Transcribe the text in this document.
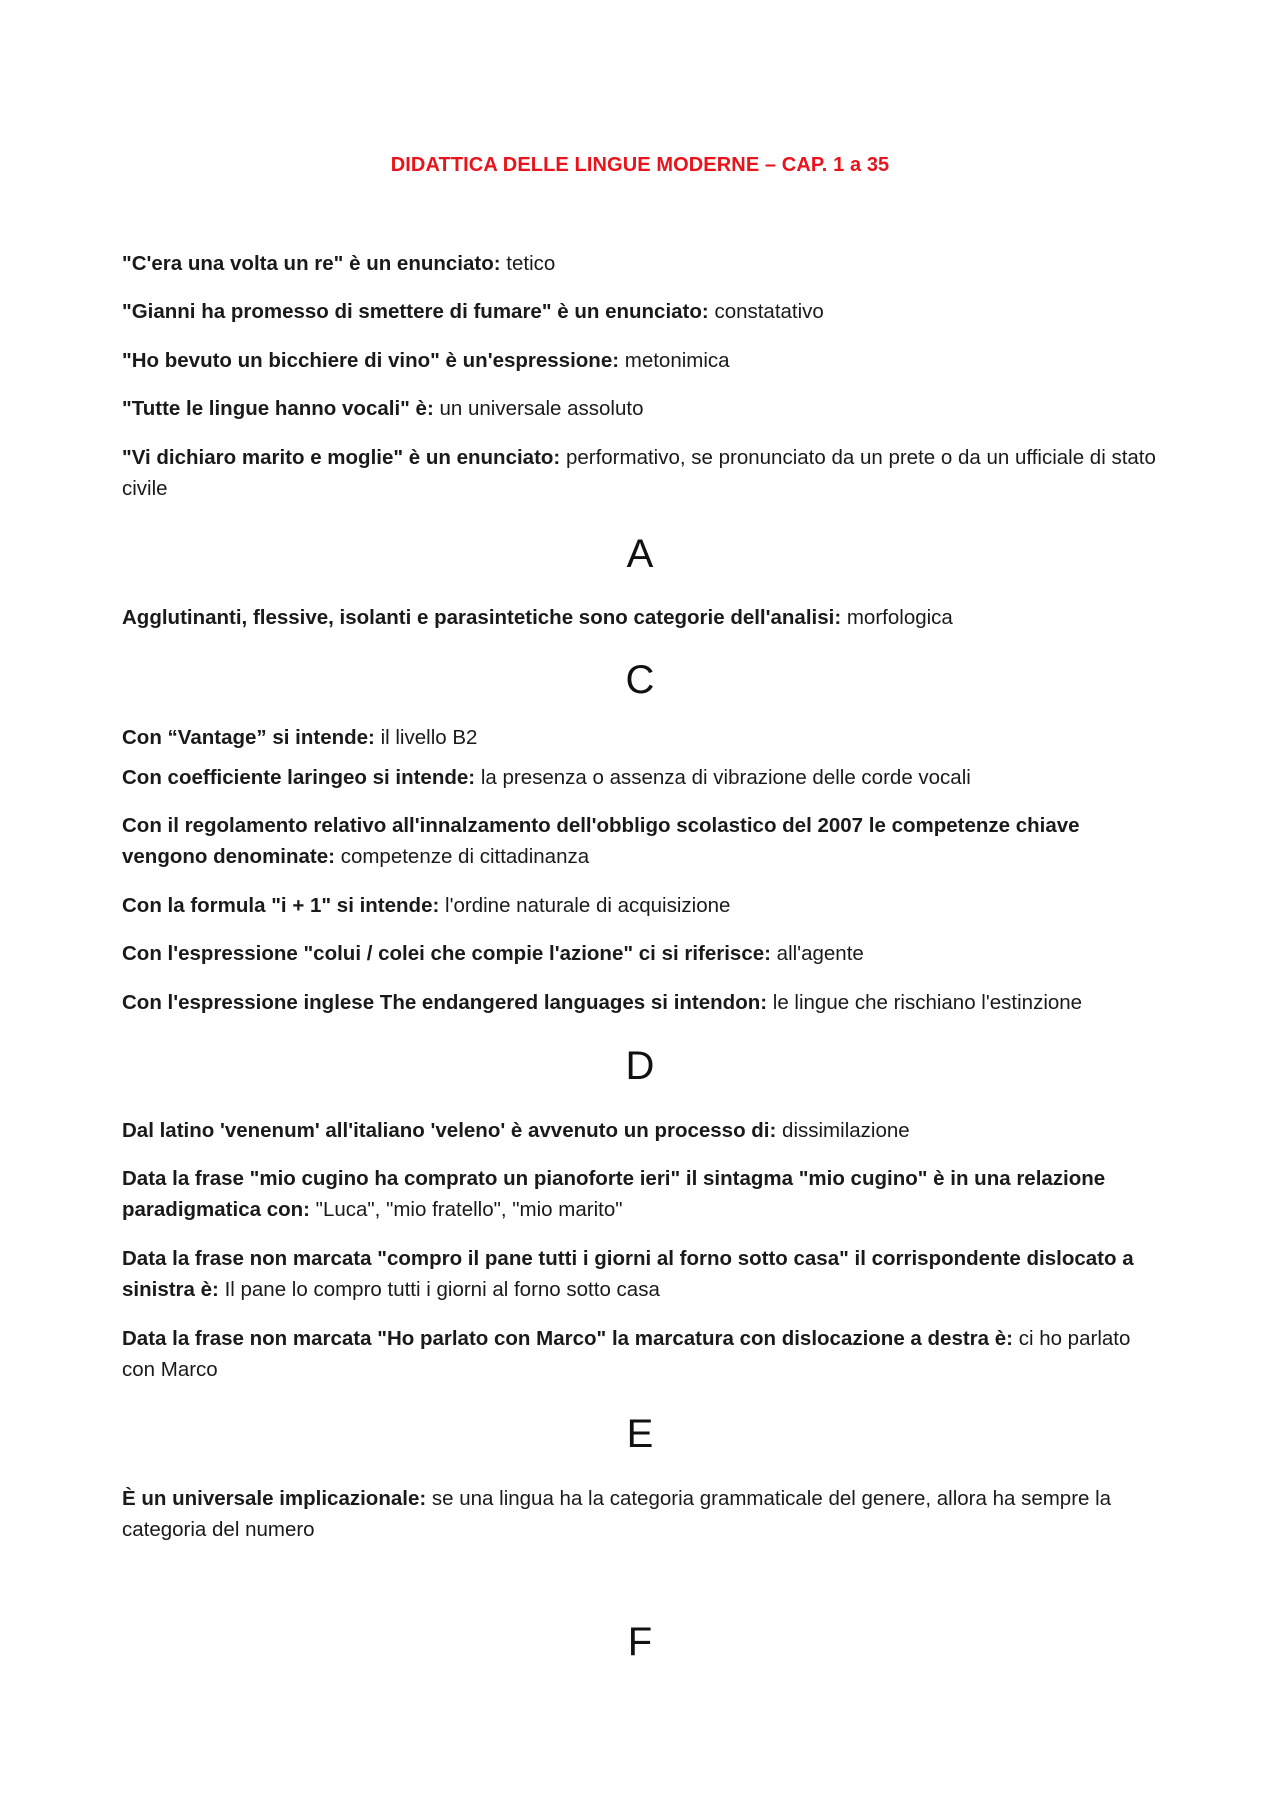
DIDATTICA DELLE LINGUE MODERNE – CAP. 1 a 35
"C'era una volta un re" è un enunciato: tetico
"Gianni ha promesso di smettere di fumare" è un enunciato: constatativo
"Ho bevuto un bicchiere di vino" è un'espressione: metonimica
"Tutte le lingue hanno vocali" è: un universale assoluto
"Vi dichiaro marito e moglie" è un enunciato: performativo, se pronunciato da un prete o da un ufficiale di stato civile
A
Agglutinanti, flessive, isolanti e parasintetiche sono categorie dell'analisi: morfologica
C
Con “Vantage” si intende: il livello B2
Con coefficiente laringeo si intende: la presenza o assenza di vibrazione delle corde vocali
Con il regolamento relativo all'innalzamento dell'obbligo scolastico del 2007 le competenze chiave vengono denominate: competenze di cittadinanza
Con la formula "i + 1" si intende: l'ordine naturale di acquisizione
Con l'espressione "colui / colei che compie l'azione" ci si riferisce: all'agente
Con l'espressione inglese The endangered languages si intendon: le lingue che rischiano l'estinzione
D
Dal latino 'venenum' all'italiano 'veleno' è avvenuto un processo di: dissimilazione
Data la frase "mio cugino ha comprato un pianoforte ieri" il sintagma "mio cugino" è in una relazione paradigmatica con: "Luca", "mio fratello", "mio marito"
Data la frase non marcata "compro il pane tutti i giorni al forno sotto casa" il corrispondente dislocato a sinistra è: Il pane lo compro tutti i giorni al forno sotto casa
Data la frase non marcata "Ho parlato con Marco" la marcatura con dislocazione a destra è: ci ho parlato con Marco
E
È un universale implicazionale: se una lingua ha la categoria grammaticale del genere, allora ha sempre la categoria del numero
F
